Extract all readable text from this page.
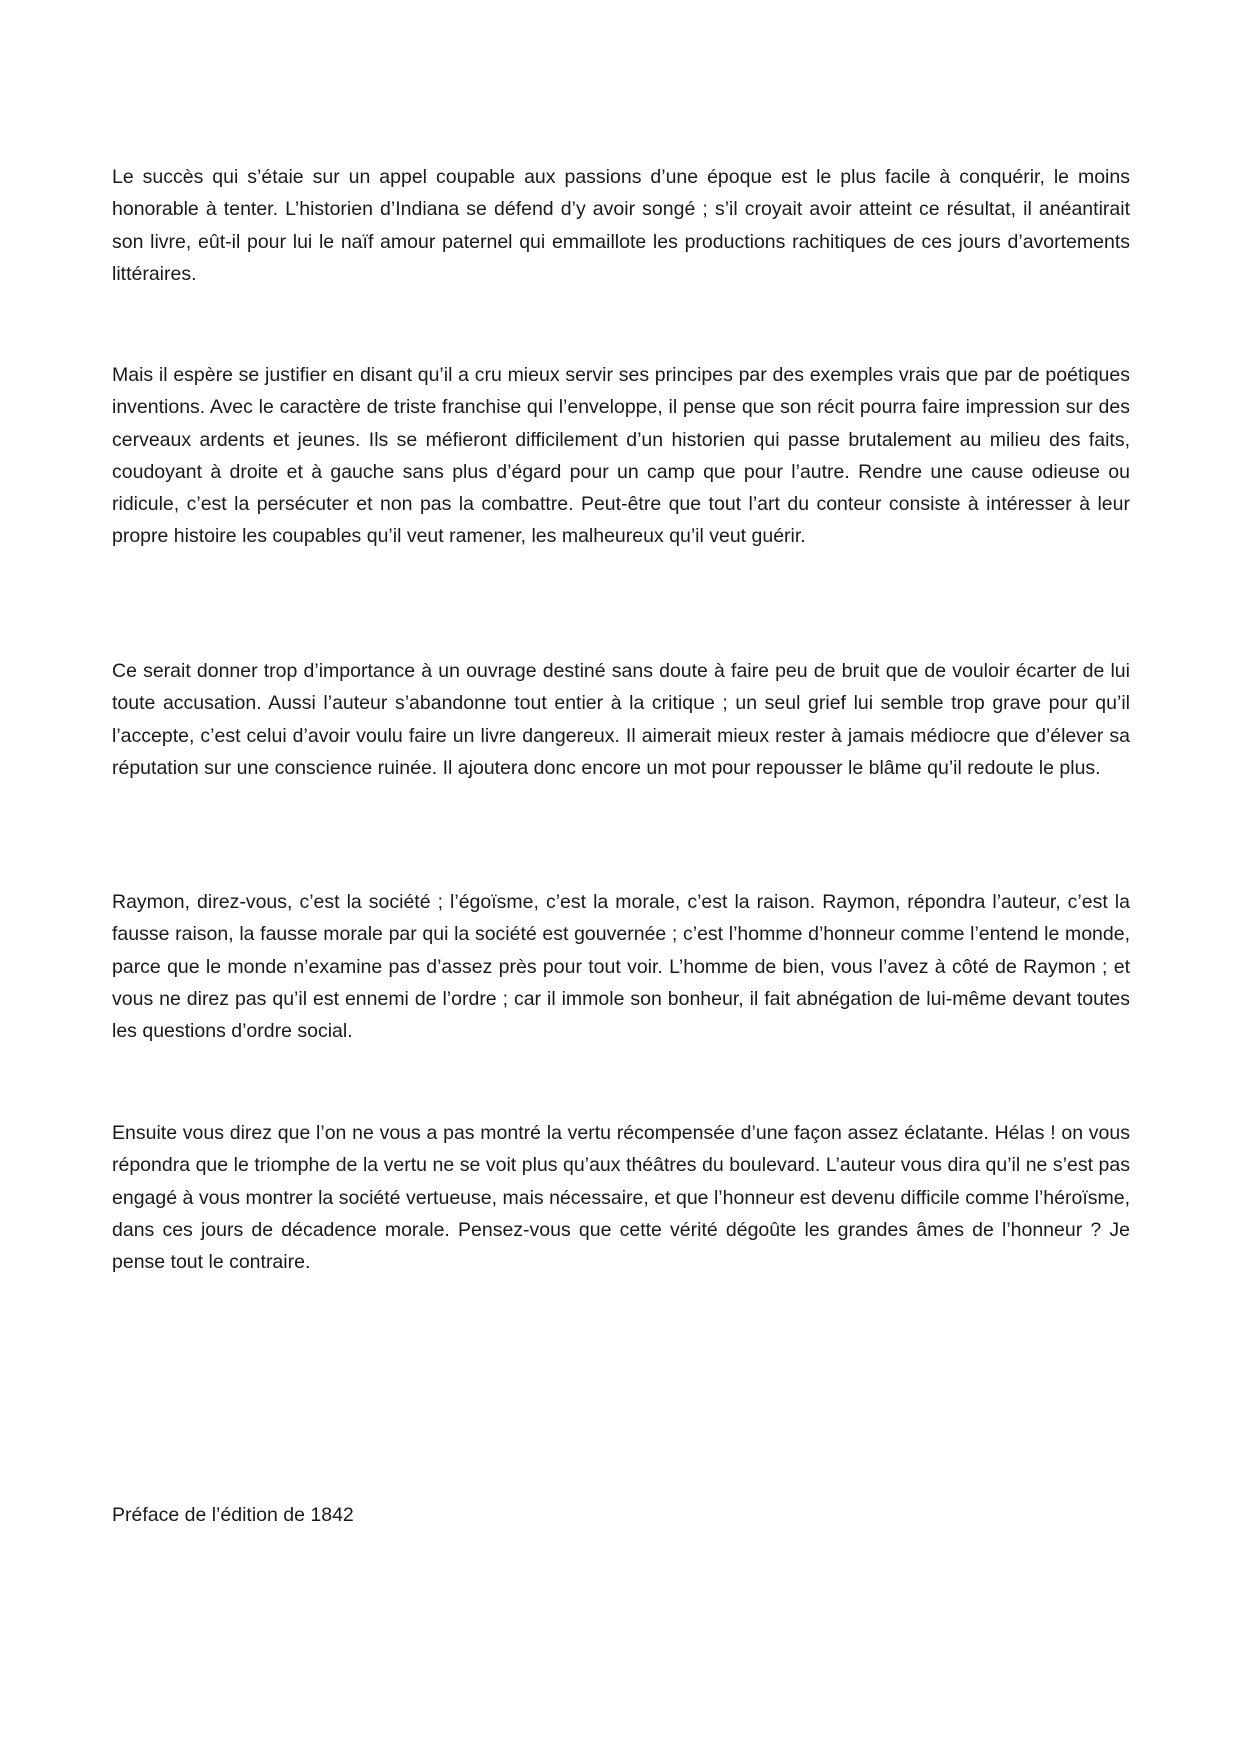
Le succès qui s’étaie sur un appel coupable aux passions d’une époque est le plus facile à conquérir, le moins honorable à tenter. L’historien d’Indiana se défend d’y avoir songé ; s’il croyait avoir atteint ce résultat, il anéantirait son livre, eût-il pour lui le naïf amour paternel qui emmaillote les productions rachitiques de ces jours d’avortements littéraires.

Mais il espère se justifier en disant qu’il a cru mieux servir ses principes par des exemples vrais que par de poétiques inventions. Avec le caractère de triste franchise qui l’enveloppe, il pense que son récit pourra faire impression sur des cerveaux ardents et jeunes. Ils se méfieront difficilement d’un historien qui passe brutalement au milieu des faits, coudoyant à droite et à gauche sans plus d’égard pour un camp que pour l’autre. Rendre une cause odieuse ou ridicule, c’est la persécuter et non pas la combattre. Peut-être que tout l’art du conteur consiste à intéresser à leur propre histoire les coupables qu’il veut ramener, les malheureux qu’il veut guérir.

Ce serait donner trop d’importance à un ouvrage destiné sans doute à faire peu de bruit que de vouloir écarter de lui toute accusation. Aussi l’auteur s’abandonne tout entier à la critique ; un seul grief lui semble trop grave pour qu’il l’accepte, c’est celui d’avoir voulu faire un livre dangereux. Il aimerait mieux rester à jamais médiocre que d’élever sa réputation sur une conscience ruinée. Il ajoutera donc encore un mot pour repousser le blâme qu’il redoute le plus.

Raymon, direz-vous, c’est la société ; l’égoïsme, c’est la morale, c’est la raison. Raymon, répondra l’auteur, c’est la fausse raison, la fausse morale par qui la société est gouvernée ; c’est l’homme d’honneur comme l’entend le monde, parce que le monde n’examine pas d’assez près pour tout voir. L’homme de bien, vous l’avez à côté de Raymon ; et vous ne direz pas qu’il est ennemi de l’ordre ; car il immole son bonheur, il fait abnégation de lui-même devant toutes les questions d’ordre social.

Ensuite vous direz que l’on ne vous a pas montré la vertu récompensée d’une façon assez éclatante. Hélas ! on vous répondra que le triomphe de la vertu ne se voit plus qu’aux théâtres du boulevard. L’auteur vous dira qu’il ne s’est pas engagé à vous montrer la société vertueuse, mais nécessaire, et que l’honneur est devenu difficile comme l’héroïsme, dans ces jours de décadence morale. Pensez-vous que cette vérité dégoûte les grandes âmes de l’honneur ? Je pense tout le contraire.

Préface de l’édition de 1842
